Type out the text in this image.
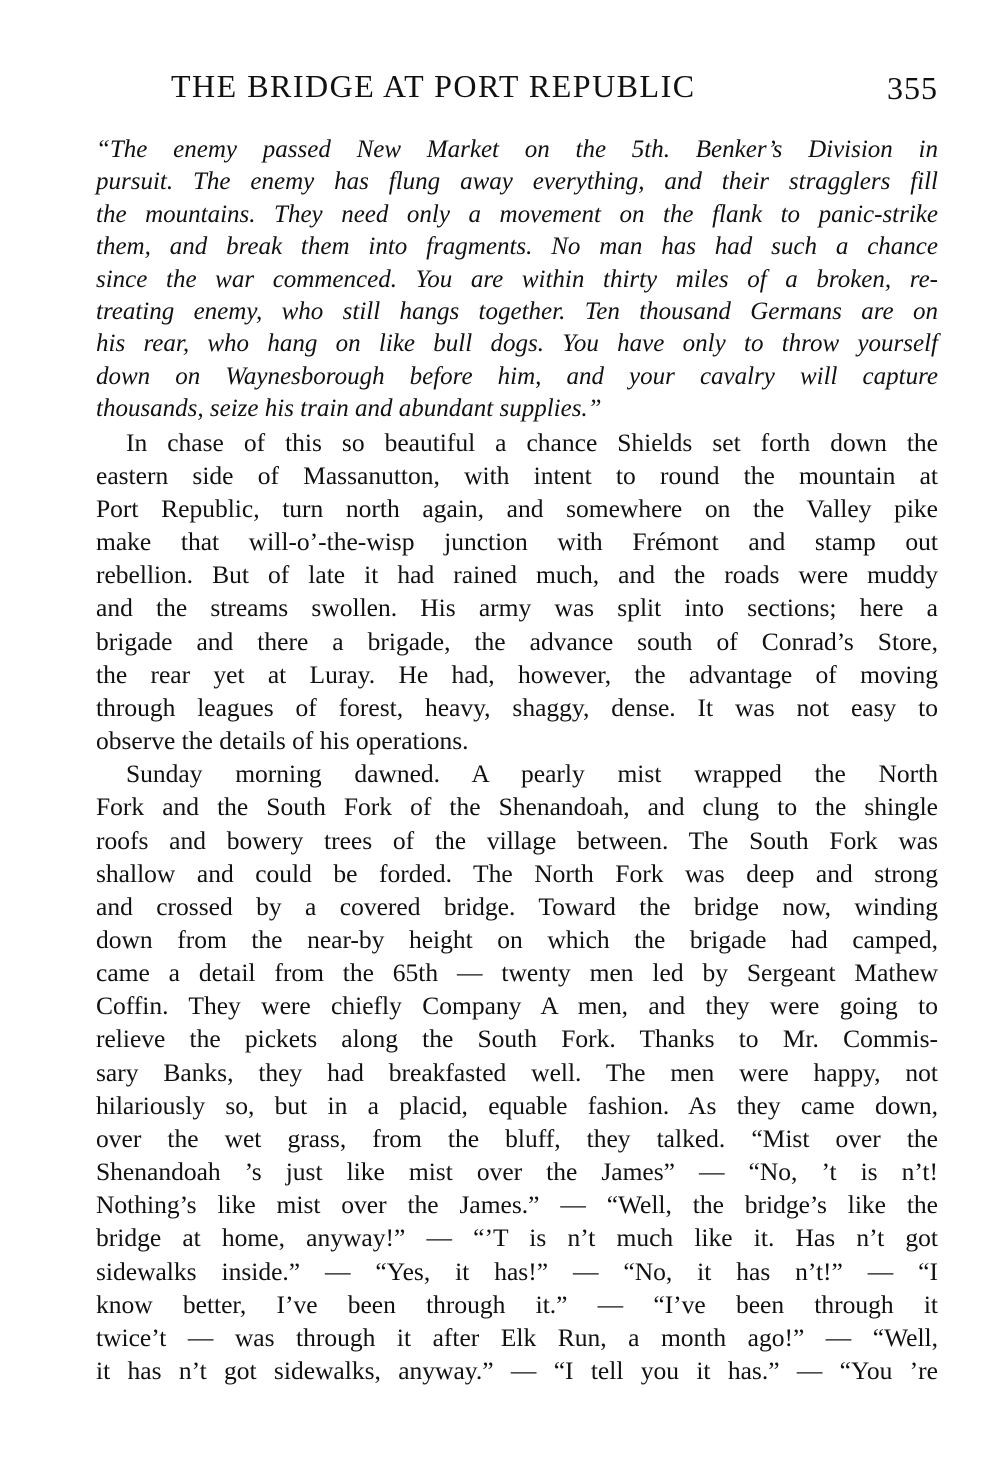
THE BRIDGE AT PORT REPUBLIC	355
“The enemy passed New Market on the 5th. Benker’s Division in
pursuit. The enemy has flung away everything, and their stragglers fill
the mountains. They need only a movement on the flank to panic-strike
them, and break them into fragments. No man has had such a chance
since the war commenced. You are within thirty miles of a broken, re-
treating enemy, who still hangs together. Ten thousand Germans are on
his rear, who hang on like bull dogs. You have only to throw yourself
down on Waynesborough before him, and your cavalry will capture
thousands, seize his train and abundant supplies.”
In chase of this so beautiful a chance Shields set forth down the
eastern side of Massanutton, with intent to round the mountain at
Port Republic, turn north again, and somewhere on the Valley pike
make that will-o’-the-wisp junction with Frémont and stamp out
rebellion. But of late it had rained much, and the roads were muddy
and the streams swollen. His army was split into sections; here a
brigade and there a brigade, the advance south of Conrad’s Store,
the rear yet at Luray. He had, however, the advantage of moving
through leagues of forest, heavy, shaggy, dense. It was not easy to
observe the details of his operations.
Sunday morning dawned. A pearly mist wrapped the North
Fork and the South Fork of the Shenandoah, and clung to the shingle
roofs and bowery trees of the village between. The South Fork was
shallow and could be forded. The North Fork was deep and strong
and crossed by a covered bridge. Toward the bridge now, winding
down from the near-by height on which the brigade had camped,
came a detail from the 65th — twenty men led by Sergeant Mathew
Coffin. They were chiefly Company A men, and they were going to
relieve the pickets along the South Fork. Thanks to Mr. Commis-
sary Banks, they had breakfasted well. The men were happy, not
hilariously so, but in a placid, equable fashion. As they came down,
over the wet grass, from the bluff, they talked. “Mist over the
Shenandoah ’s just like mist over the James” — “No, ’t is n’t!
Nothing’s like mist over the James.” — “Well, the bridge’s like the
bridge at home, anyway!” — “’T is n’t much like it. Has n’t got
sidewalks inside.” — “Yes, it has!” — “No, it has n’t!” — “I
know better, I’ve been through it.” — “I’ve been through it
twice’t — was through it after Elk Run, a month ago!” — “Well,
it has n’t got sidewalks, anyway.” — “I tell you it has.” — “You ’re
